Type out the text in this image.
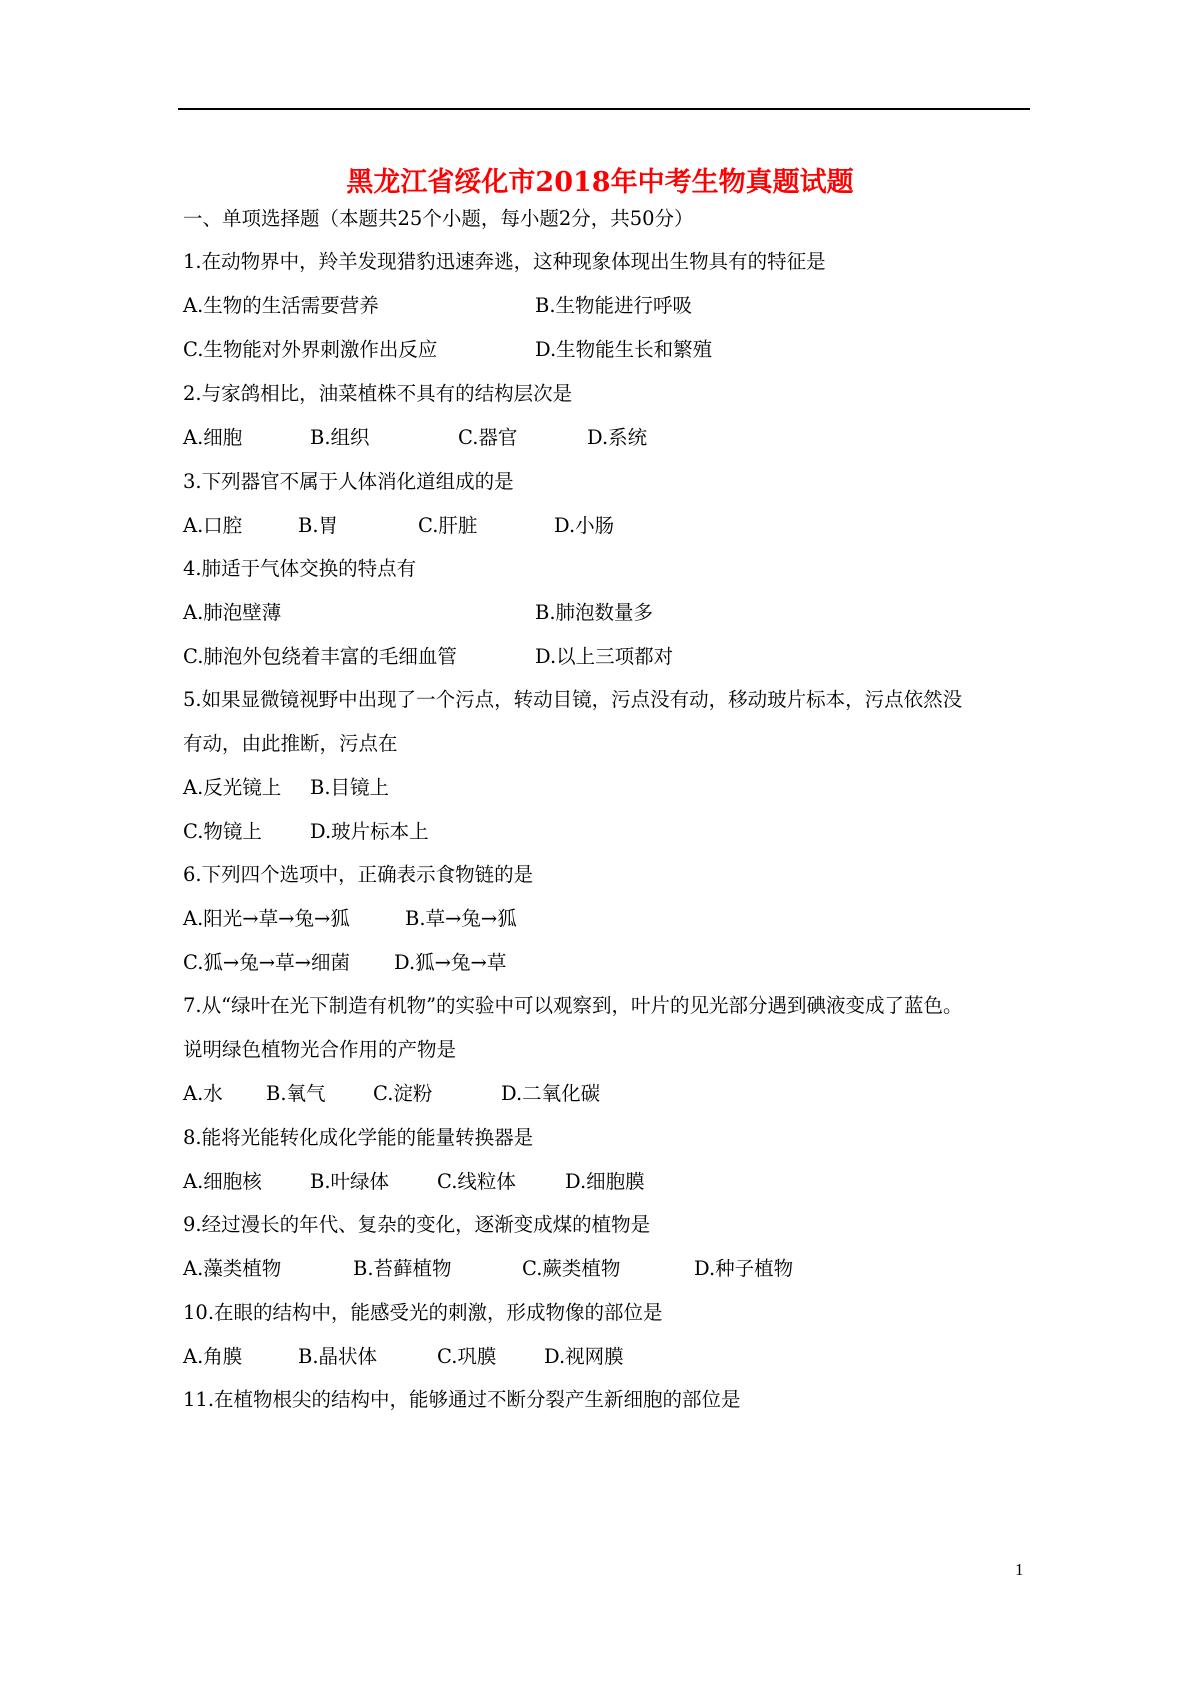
黑龙江省绥化市2018年中考生物真题试题
一、单项选择题（本题共25个小题，每小题2分，共50分）
1.在动物界中，羚羊发现猎豹迅速奔逃，这种现象体现出生物具有的特征是
A.生物的生活需要营养	B.生物能进行呼吸
C.生物能对外界刺激作出反应	D.生物能生长和繁殖
2.与家鸽相比，油菜植株不具有的结构层次是
A.细胞	B.组织	C.器官	D.系统
3.下列器官不属于人体消化道组成的是
A.口腔	B.胃	C.肝脏	D.小肠
4.肺适于气体交换的特点有
A.肺泡壁薄	B.肺泡数量多
C.肺泡外包绕着丰富的毛细血管	D.以上三项都对
5.如果显微镜视野中出现了一个污点，转动目镜，污点没有动，移动玻片标本，污点依然没
有动，由此推断，污点在
A.反光镜上 B.目镜上
C.物镜上 D.玻片标本上
6.下列四个选项中，正确表示食物链的是
A.阳光→草→兔→狐	B.草→兔→狐
C.狐→兔→草→细菌 D.狐→兔→草
7.从“绿叶在光下制造有机物”的实验中可以观察到，叶片的见光部分遇到碘液变成了蓝色。
说明绿色植物光合作用的产物是
A.水 B.氧气 C.淀粉	D.二氧化碳
8.能将光能转化成化学能的能量转换器是
A.细胞核 B.叶绿体 C.线粒体	D.细胞膜
9.经过漫长的年代、复杂的变化，逐渐变成煤的植物是
A.藻类植物	B.苔藓植物	C.蕨类植物	D.种子植物
10.在眼的结构中，能感受光的刺激，形成物像的部位是
A.角膜	B.晶状体	C.巩膜 D.视网膜
11.在植物根尖的结构中，能够通过不断分裂产生新细胞的部位是
1
